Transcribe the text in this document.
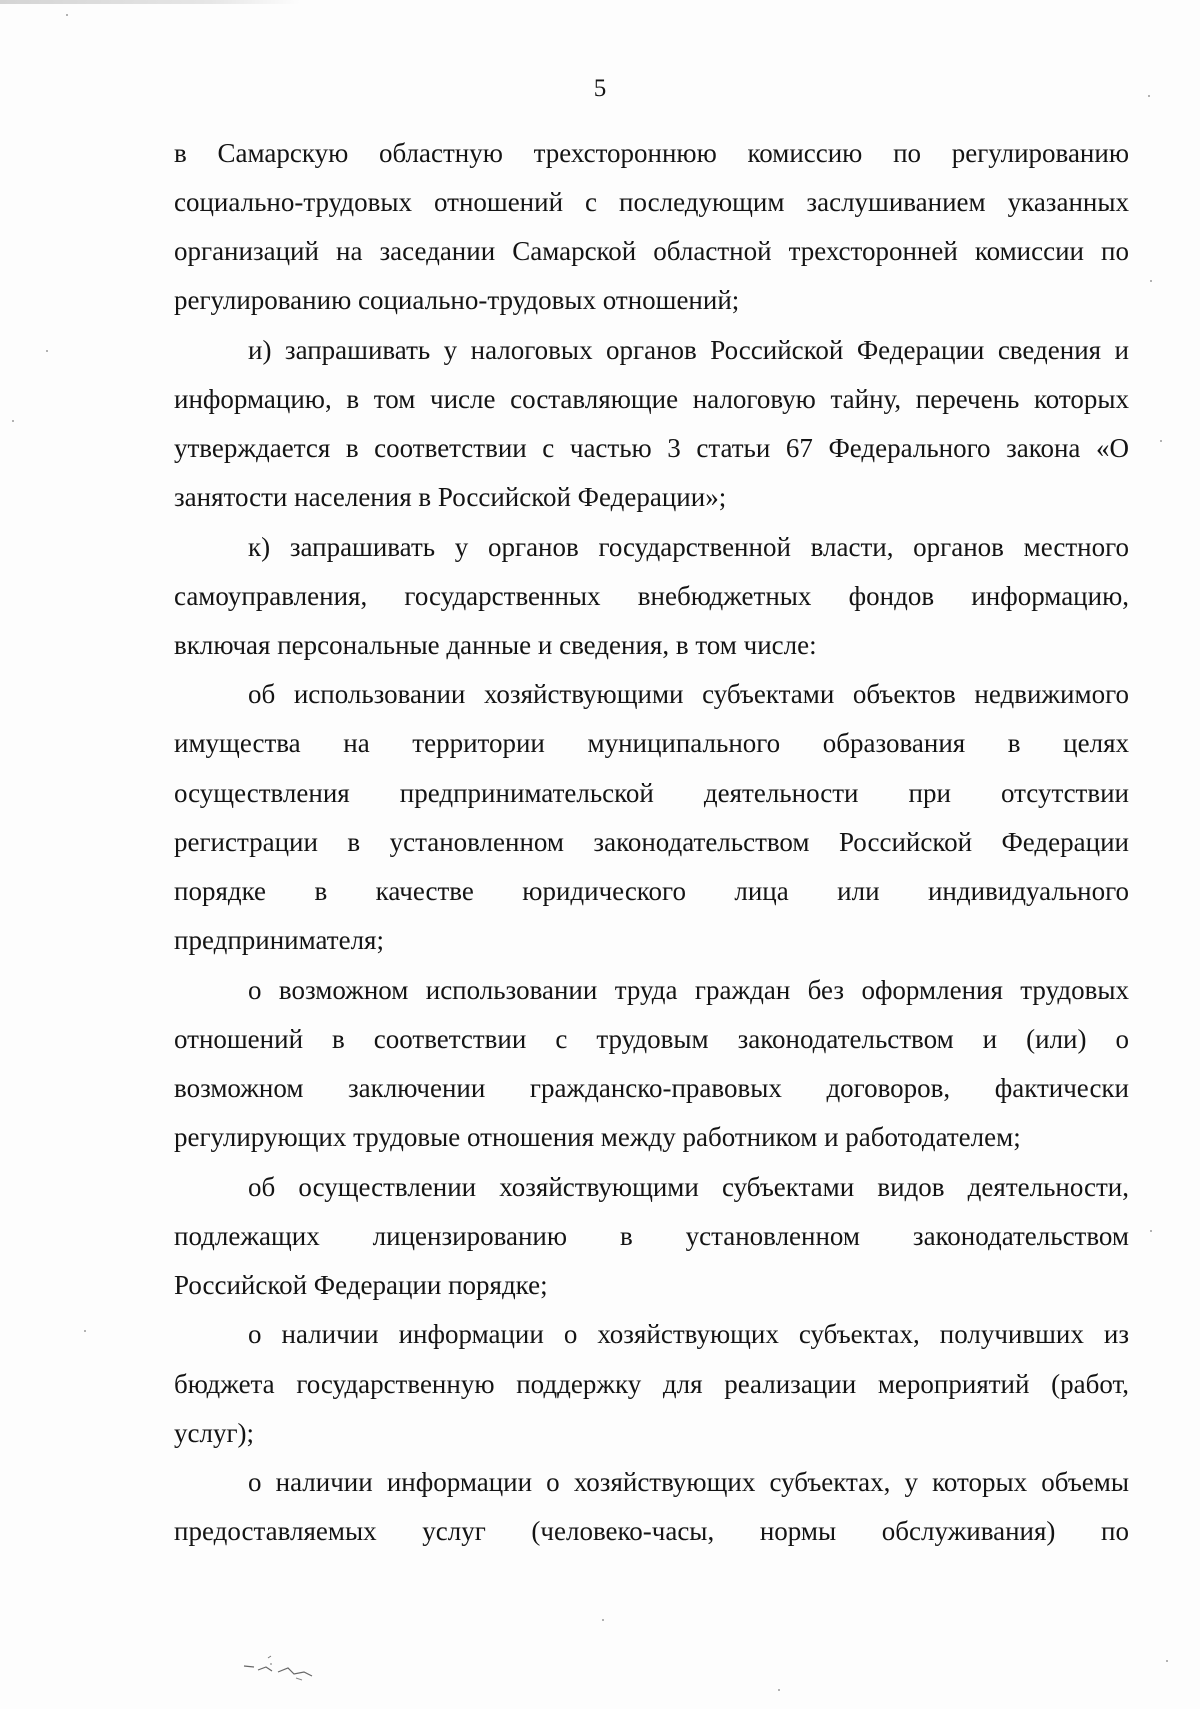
5
в Самарскую областную трехстороннюю комиссию по регулированию
социально-трудовых отношений с последующим заслушиванием указанных
организаций на заседании Самарской областной трехсторонней комиссии по
регулированию социально-трудовых отношений;
и) запрашивать у налоговых органов Российской Федерации сведения и
информацию, в том числе составляющие налоговую тайну, перечень которых
утверждается в соответствии с частью 3 статьи 67 Федерального закона «О
занятости населения в Российской Федерации»;
к) запрашивать у органов государственной власти, органов местного
самоуправления, государственных внебюджетных фондов информацию,
включая персональные данные и сведения, в том числе:
об использовании хозяйствующими субъектами объектов недвижимого
имущества на территории муниципального образования в целях
осуществления предпринимательской деятельности при отсутствии
регистрации в установленном законодательством Российской Федерации
порядке в качестве юридического лица или индивидуального
предпринимателя;
о возможном использовании труда граждан без оформления трудовых
отношений в соответствии с трудовым законодательством и (или) о
возможном заключении гражданско-правовых договоров, фактически
регулирующих трудовые отношения между работником и работодателем;
об осуществлении хозяйствующими субъектами видов деятельности,
подлежащих лицензированию в установленном законодательством
Российской Федерации порядке;
о наличии информации о хозяйствующих субъектах, получивших из
бюджета государственную поддержку для реализации мероприятий (работ,
услуг);
о наличии информации о хозяйствующих субъектах, у которых объемы
предоставляемых услуг (человеко-часы, нормы обслуживания) по
